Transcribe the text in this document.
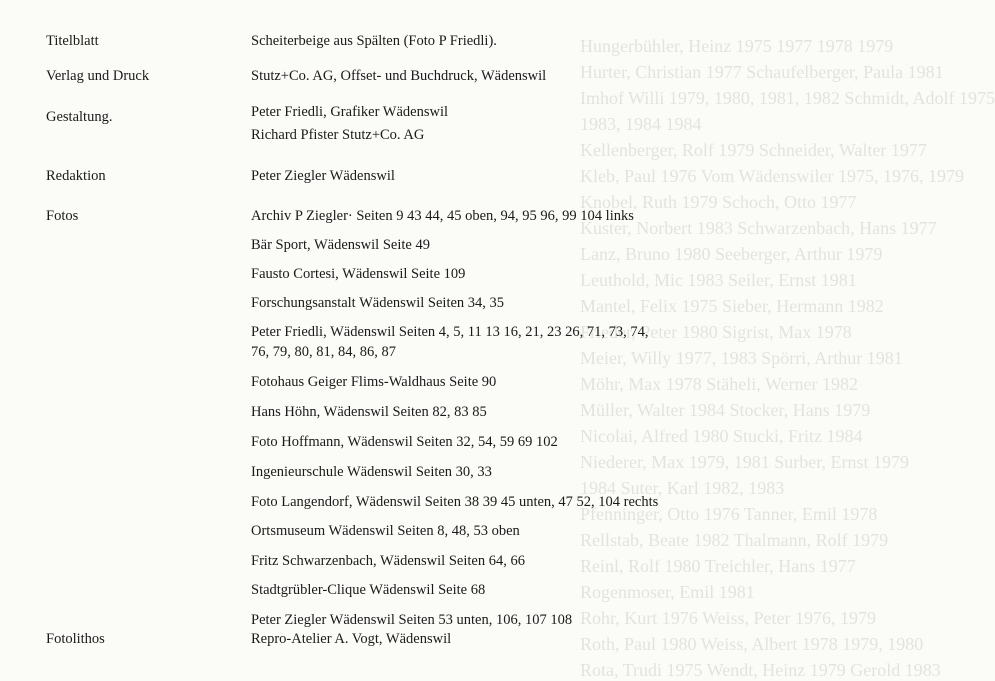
Hungerbühler, Heinz 1975 1977 1978 1979
Hurter, Christian 1977 Schaufelberger, Paula 1981
Imhof Willi 1979, 1980, 1981, 1982 Schmidt, Adolf 1975
1983, 1984 1984
Kellenberger, Rolf 1979 Schneider, Walter 1977
Kleb, Paul 1976 Vom Wädenswiler 1975, 1976, 1979
Knobel, Ruth 1979 Schoch, Otto 1977
Kuster, Norbert 1983 Schwarzenbach, Hans 1977
Lanz, Bruno 1980 Seeberger, Arthur 1979
Leuthold, Mic 1983 Seiler, Ernst 1981
Mantel, Felix 1975 Sieber, Hermann 1982
Frieder, Peter 1980 Sigrist, Max 1978
Meier, Willy 1977, 1983 Spörri, Arthur 1981
Möhr, Max 1978 Stäheli, Werner 1982
Müller, Walter 1984 Stocker, Hans 1979
Nicolai, Alfred 1980 Stucki, Fritz 1984
Niederer, Max 1979, 1981 Surber, Ernst 1979
1984 Suter, Karl 1982, 1983
Pfenninger, Otto 1976 Tanner, Emil 1978
Rellstab, Beate 1982 Thalmann, Rolf 1979
Reinl, Rolf 1980 Treichler, Hans 1977
Rogenmoser, Emil 1981
Rohr, Kurt 1976 Weiss, Peter 1976, 1979
Roth, Paul 1980 Weiss, Albert 1978 1979, 1980
Rota, Trudi 1975 Wendt, Heinz 1979 Gerold 1983
Titelblatt	Scheiterbeige aus Spälten (Foto P Friedli).
Verlag und Druck	Stutz+Co. AG, Offset- und Buchdruck, Wädenswil
Gestaltung.	Peter Friedli, Grafiker Wädenswil
Richard Pfister Stutz+Co. AG
Redaktion	Peter Ziegler Wädenswil
Fotos	Archiv P Ziegler· Seiten 9 43 44, 45 oben, 94, 95 96, 99 104 links
Bär Sport, Wädenswil Seite 49
Fausto Cortesi, Wädenswil Seite 109
Forschungsanstalt Wädenswil Seiten 34, 35
Peter Friedli, Wädenswil Seiten 4, 5, 11 13 16, 21, 23 26, 71, 73, 74,
76, 79, 80, 81, 84, 86, 87
Fotohaus Geiger Flims-Waldhaus Seite 90
Hans Höhn, Wädenswil Seiten 82, 83 85
Foto Hoffmann, Wädenswil Seiten 32, 54, 59 69 102
Ingenieurschule Wädenswil Seiten 30, 33
Foto Langendorf, Wädenswil Seiten 38 39 45 unten, 47 52, 104 rechts
Ortsmuseum Wädenswil Seiten 8, 48, 53 oben
Fritz Schwarzenbach, Wädenswil Seiten 64, 66
Stadtgrübler-Clique Wädenswil Seite 68
Peter Ziegler Wädenswil Seiten 53 unten, 106, 107 108
Fotolithos	Repro-Atelier A. Vogt, Wädenswil
